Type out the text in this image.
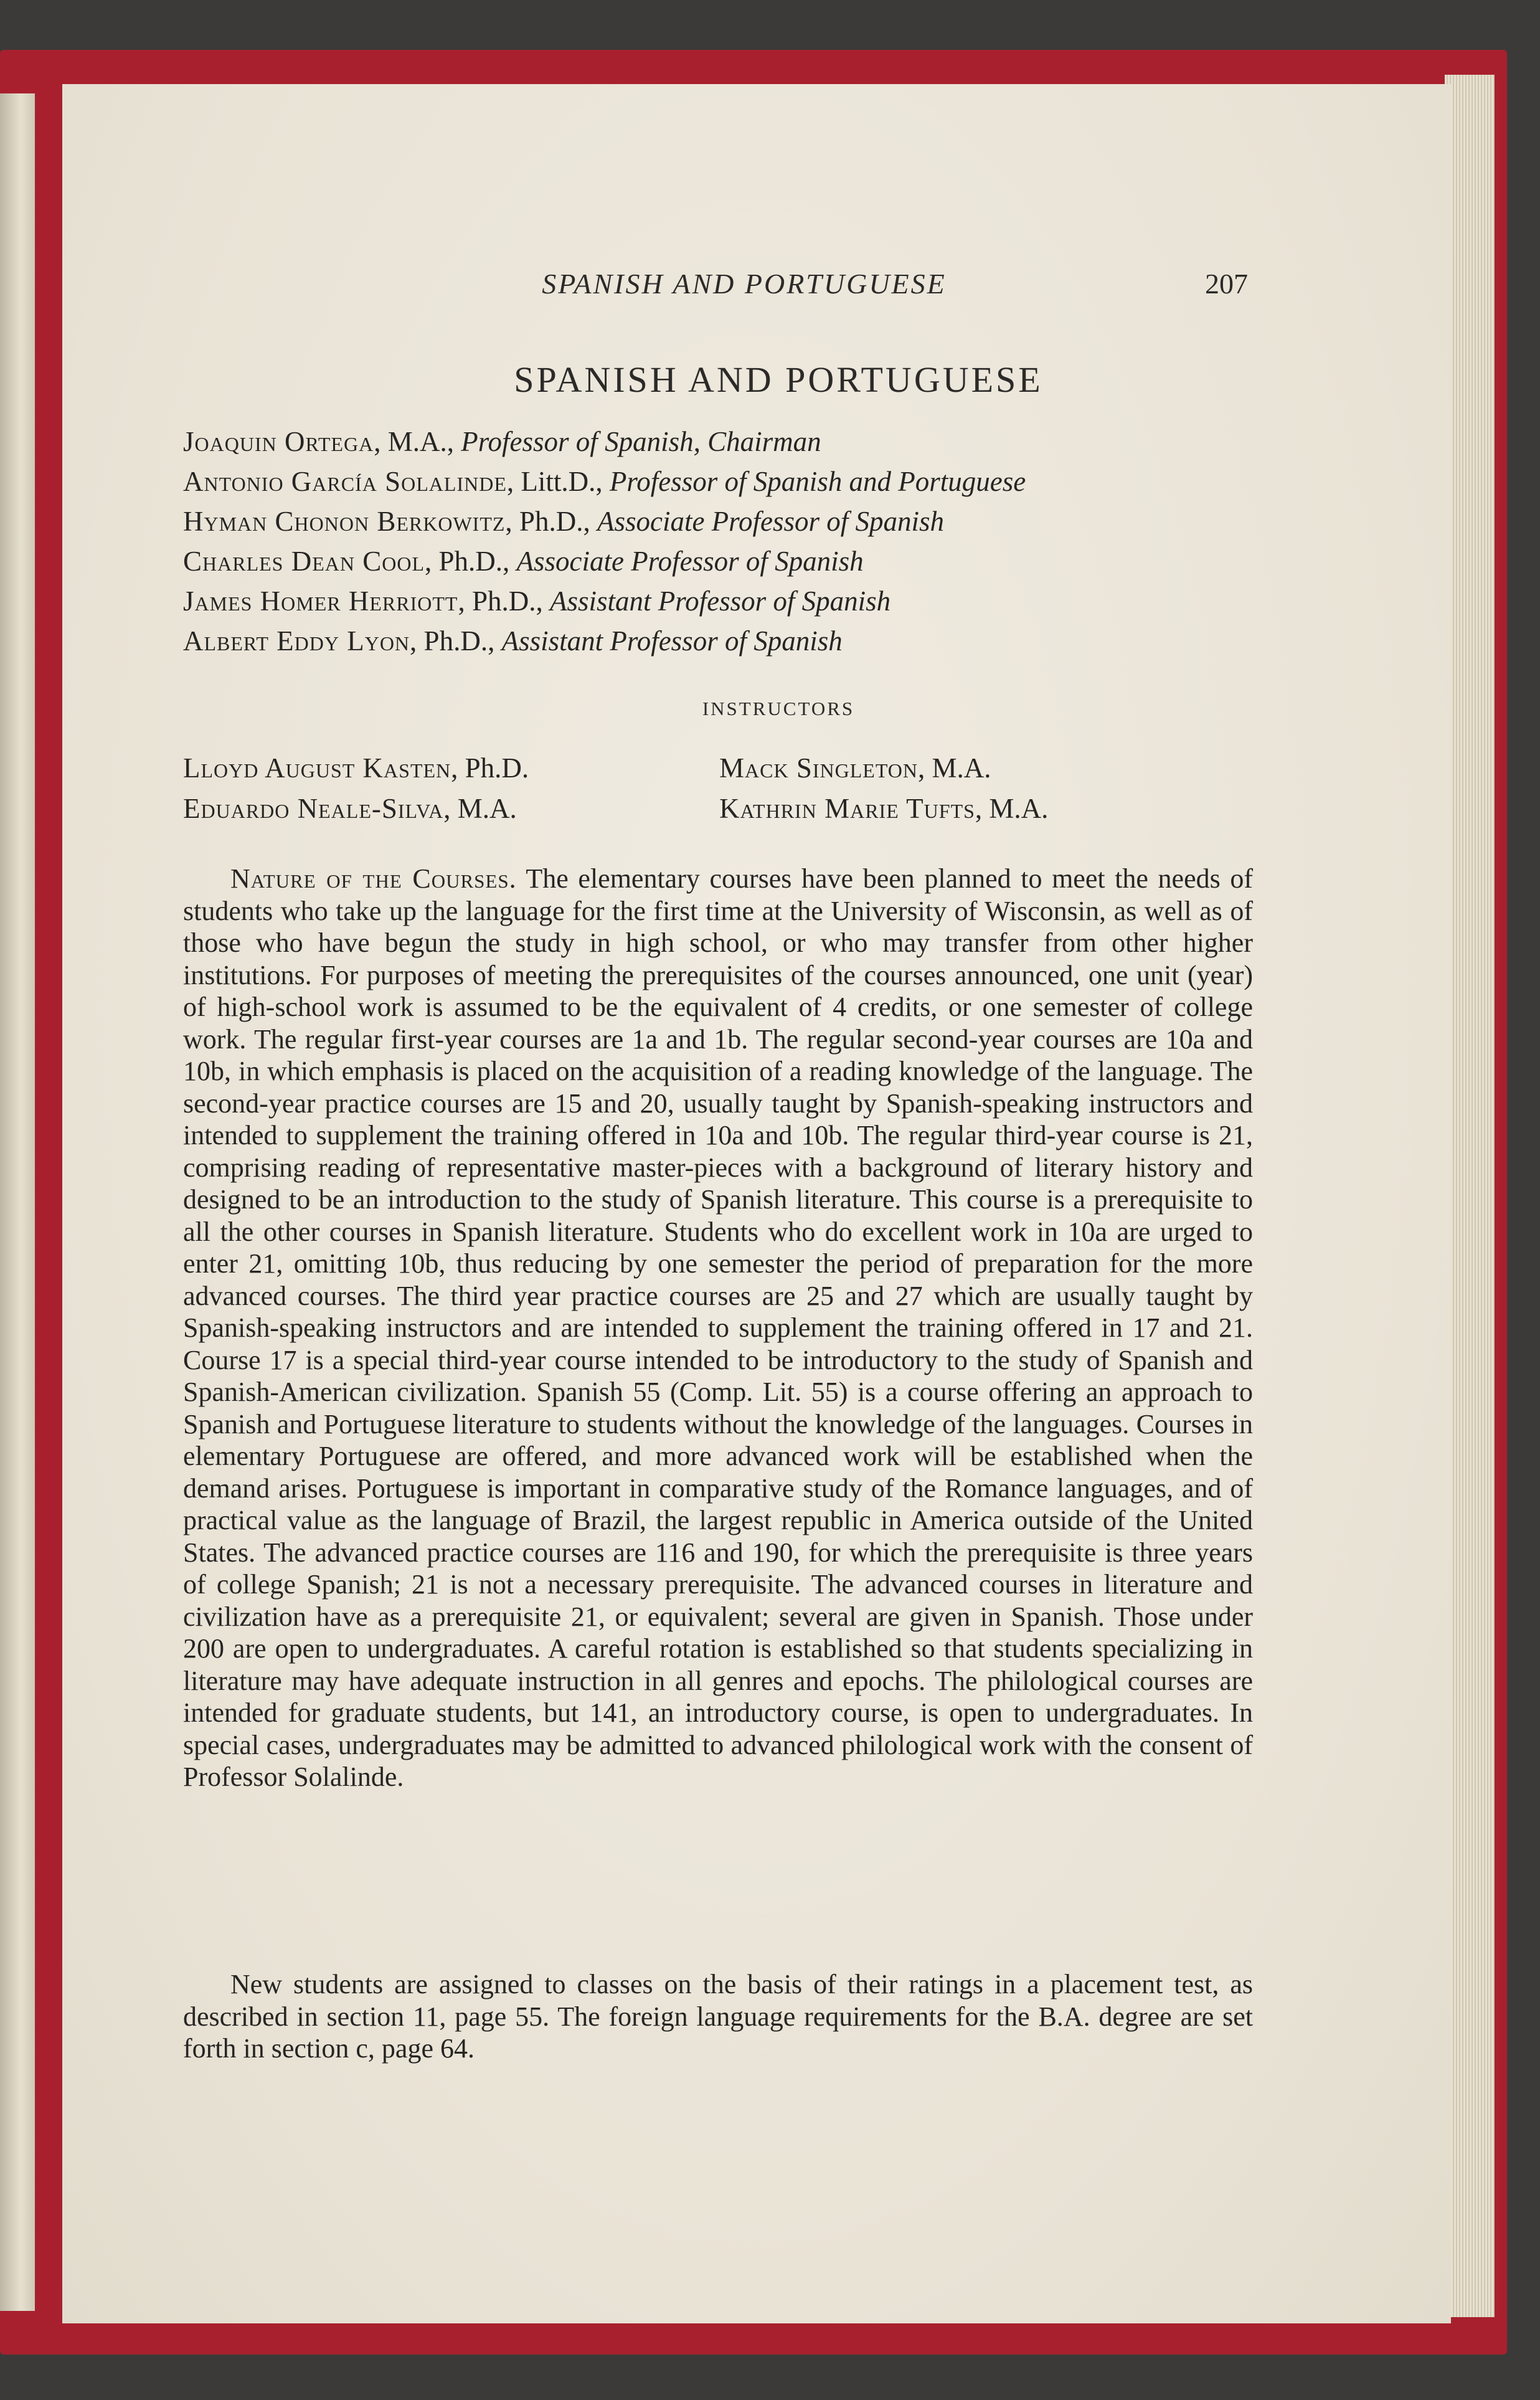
SPANISH AND PORTUGUESE	207
SPANISH AND PORTUGUESE
Joaquin Ortega, M.A., Professor of Spanish, Chairman
Antonio García Solalinde, Litt.D., Professor of Spanish and Portuguese
Hyman Chonon Berkowitz, Ph.D., Associate Professor of Spanish
Charles Dean Cool, Ph.D., Associate Professor of Spanish
James Homer Herriott, Ph.D., Assistant Professor of Spanish
Albert Eddy Lyon, Ph.D., Assistant Professor of Spanish
INSTRUCTORS
Lloyd August Kasten, Ph.D.	Mack Singleton, M.A.
Eduardo Neale-Silva, M.A.	Kathrin Marie Tufts, M.A.

Nature of the Courses. The elementary courses have been planned to meet the needs of students who take up the language for the first time at the University of Wisconsin, as well as of those who have begun the study in high school, or who may transfer from other higher institutions. For purposes of meeting the prerequisites of the courses announced, one unit (year) of high-school work is assumed to be the equivalent of 4 credits, or one semester of college work. The regular first-year courses are 1a and 1b. The regular second-year courses are 10a and 10b, in which emphasis is placed on the acquisition of a reading knowledge of the language. The second-year practice courses are 15 and 20, usually taught by Spanish-speaking instructors and intended to supplement the training offered in 10a and 10b. The regular third-year course is 21, comprising reading of representative master-pieces with a background of literary history and designed to be an introduction to the study of Spanish literature. This course is a prerequisite to all the other courses in Spanish literature. Students who do excellent work in 10a are urged to enter 21, omitting 10b, thus reducing by one semester the period of preparation for the more advanced courses. The third year practice courses are 25 and 27 which are usually taught by Spanish-speaking instructors and are intended to supplement the training offered in 17 and 21. Course 17 is a special third-year course intended to be introductory to the study of Spanish and Spanish-American civilization. Spanish 55 (Comp. Lit. 55) is a course offering an approach to Spanish and Portuguese literature to students without the knowledge of the languages. Courses in elementary Portuguese are offered, and more advanced work will be established when the demand arises. Portuguese is important in comparative study of the Romance languages, and of practical value as the language of Brazil, the largest republic in America outside of the United States. The advanced practice courses are 116 and 190, for which the prerequisite is three years of college Spanish; 21 is not a necessary prerequisite. The advanced courses in literature and civilization have as a prerequisite 21, or equivalent; several are given in Spanish. Those under 200 are open to undergraduates. A careful rotation is established so that students specializing in literature may have adequate instruction in all genres and epochs. The philological courses are intended for graduate students, but 141, an introductory course, is open to undergraduates. In special cases, undergraduates may be admitted to advanced philological work with the consent of Professor Solalinde.

New students are assigned to classes on the basis of their ratings in a placement test, as described in section 11, page 55. The foreign language requirements for the B.A. degree are set forth in section c, page 64.
